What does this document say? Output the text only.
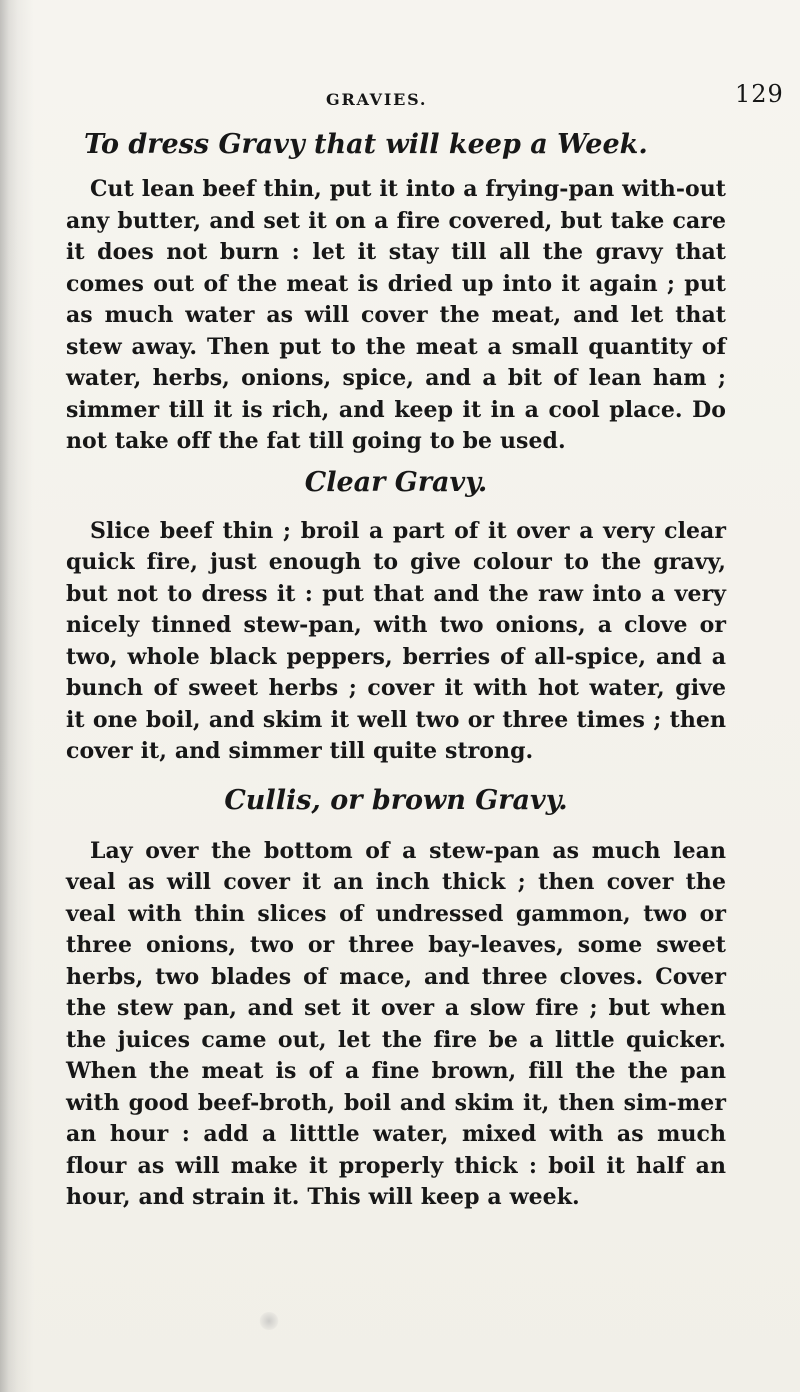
GRAVIES.	129
To dress Gravy that will keep a Week.

Cut lean beef thin, put it into a frying-pan with-out any butter, and set it on a fire covered, but take care it does not burn : let it stay till all the gravy that comes out of the meat is dried up into it again ; put as much water as will cover the meat, and let that stew away. Then put to the meat a small quantity of water, herbs, onions, spice, and a bit of lean ham ; simmer till it is rich, and keep it in a cool place. Do not take off the fat till going to be used.

Clear Gravy.

Slice beef thin ; broil a part of it over a very clear quick fire, just enough to give colour to the gravy, but not to dress it : put that and the raw into a very nicely tinned stew-pan, with two onions, a clove or two, whole black peppers, berries of all-spice, and a bunch of sweet herbs ; cover it with hot water, give it one boil, and skim it well two or three times ; then cover it, and simmer till quite strong.

Cullis, or brown Gravy.

Lay over the bottom of a stew-pan as much lean veal as will cover it an inch thick ; then cover the veal with thin slices of undressed gammon, two or three onions, two or three bay-leaves, some sweet herbs, two blades of mace, and three cloves. Cover the stew pan, and set it over a slow fire ; but when the juices came out, let the fire be a little quicker. When the meat is of a fine brown, fill the the pan with good beef-broth, boil and skim it, then sim-mer an hour : add a litttle water, mixed with as much flour as will make it properly thick : boil it half an hour, and strain it. This will keep a week.
